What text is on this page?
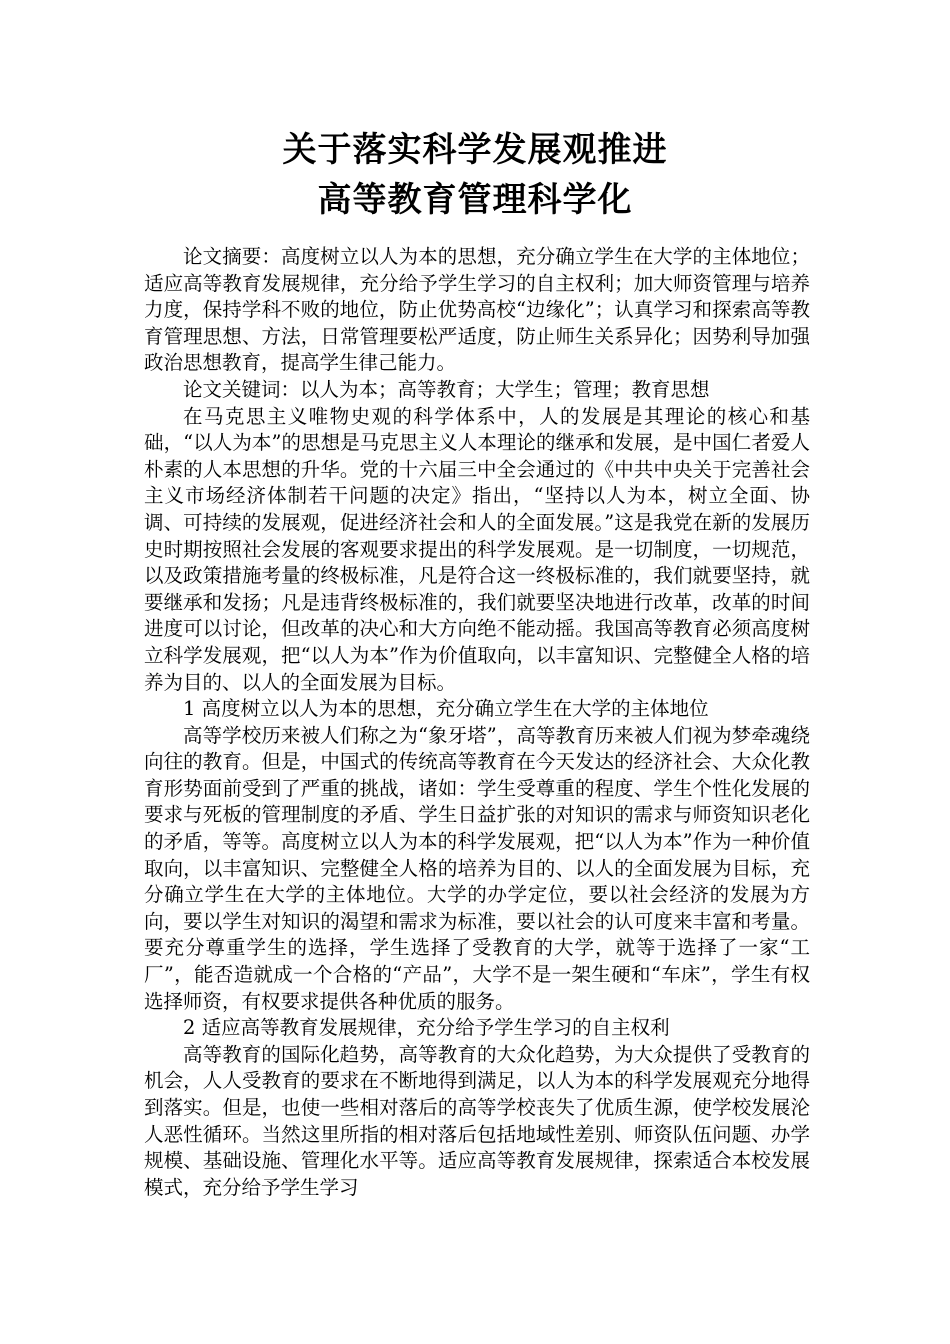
关于落实科学发展观推进
高等教育管理科学化

论文摘要：高度树立以人为本的思想，充分确立学生在大学的主体地位；适应高等教育发展规律，充分给予学生学习的自主权利；加大师资管理与培养力度，保持学科不败的地位，防止优势高校“边缘化”；认真学习和探索高等教育管理思想、方法，日常管理要松严适度，防止师生关系异化；因势利导加强政治思想教育，提高学生律己能力。

论文关键词：以人为本；高等教育；大学生；管理；教育思想

在马克思主义唯物史观的科学体系中，人的发展是其理论的核心和基础，“以人为本”的思想是马克思主义人本理论的继承和发展，是中国仁者爱人朴素的人本思想的升华。党的十六届三中全会通过的《中共中央关于完善社会主义市场经济体制若干问题的决定》指出，“坚持以人为本，树立全面、协调、可持续的发展观，促进经济社会和人的全面发展。”这是我党在新的发展历史时期按照社会发展的客观要求提出的科学发展观。是一切制度，一切规范，以及政策措施考量的终极标准，凡是符合这一终极标准的，我们就要坚持，就要继承和发扬；凡是违背终极标准的，我们就要坚决地进行改革，改革的时间进度可以讨论，但改革的决心和大方向绝不能动摇。我国高等教育必须高度树立科学发展观，把“以人为本”作为价值取向，以丰富知识、完整健全人格的培养为目的、以人的全面发展为目标。

1 高度树立以人为本的思想，充分确立学生在大学的主体地位

高等学校历来被人们称之为“象牙塔”，高等教育历来被人们视为梦牵魂绕向往的教育。但是，中国式的传统高等教育在今天发达的经济社会、大众化教育形势面前受到了严重的挑战，诸如：学生受尊重的程度、学生个性化发展的要求与死板的管理制度的矛盾、学生日益扩张的对知识的需求与师资知识老化的矛盾，等等。高度树立以人为本的科学发展观，把“以人为本”作为一种价值取向，以丰富知识、完整健全人格的培养为目的、以人的全面发展为目标，充分确立学生在大学的主体地位。大学的办学定位，要以社会经济的发展为方向，要以学生对知识的渴望和需求为标准，要以社会的认可度来丰富和考量。要充分尊重学生的选择，学生选择了受教育的大学，就等于选择了一家“工厂”，能否造就成一个合格的“产品”，大学不是一架生硬和“车床”，学生有权选择师资，有权要求提供各种优质的服务。

2 适应高等教育发展规律，充分给予学生学习的自主权利

高等教育的国际化趋势，高等教育的大众化趋势，为大众提供了受教育的机会，人人受教育的要求在不断地得到满足，以人为本的科学发展观充分地得到落实。但是，也使一些相对落后的高等学校丧失了优质生源，使学校发展沦人恶性循环。当然这里所指的相对落后包括地域性差别、师资队伍问题、办学规模、基础设施、管理化水平等。适应高等教育发展规律，探索适合本校发展模式，充分给予学生学习
